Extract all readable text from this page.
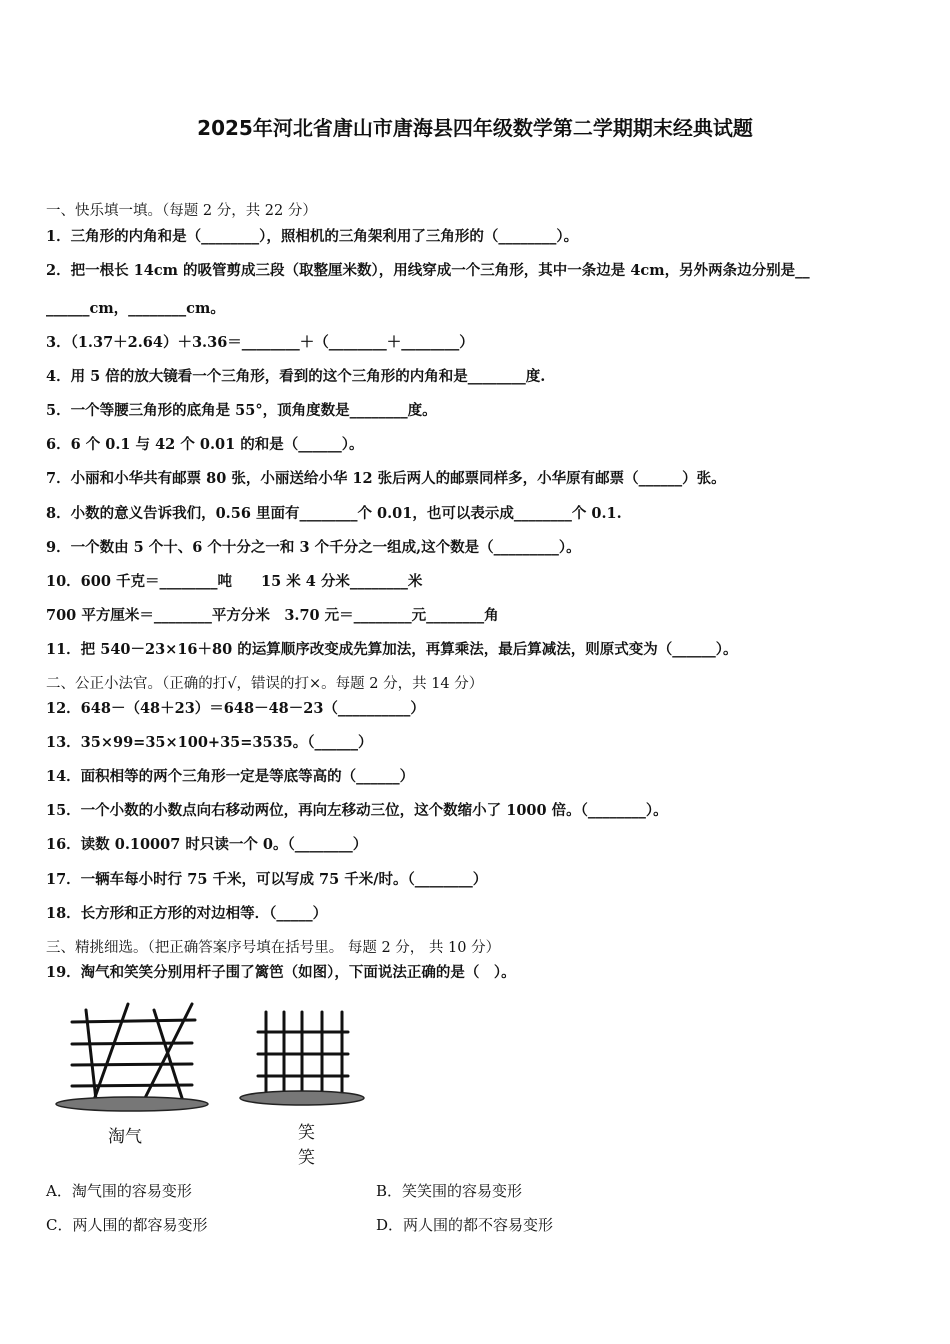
2025年河北省唐山市唐海县四年级数学第二学期期末经典试题
一、快乐填一填。（每题 2 分，共 22 分）
1．三角形的内角和是（________），照相机的三角架利用了三角形的（________）。
2．把一根长 14cm 的吸管剪成三段（取整厘米数），用线穿成一个三角形，其中一条边是 4cm，另外两条边分别是__
______cm，________cm。
3．（1.37＋2.64）＋3.36＝________＋（________＋________）
4．用 5 倍的放大镜看一个三角形，看到的这个三角形的内角和是________度.
5．一个等腰三角形的底角是 55°，顶角度数是________度。
6．6 个 0.1 与 42 个 0.01 的和是（______）。
7．小丽和小华共有邮票 80 张，小丽送给小华 12 张后两人的邮票同样多，小华原有邮票（______）张。
8．小数的意义告诉我们，0.56 里面有________个 0.01，也可以表示成________个 0.1.
9．一个数由 5 个十、6 个十分之一和 3 个千分之一组成,这个数是（_________）。
10．600 千克＝________吨　　15 米 4 分米________米
700 平方厘米＝________平方分米　3.70 元＝________元________角
11．把 540－23×16＋80 的运算顺序改变成先算加法，再算乘法，最后算减法，则原式变为（______）。
二、公正小法官。（正确的打√，错误的打×。每题 2 分，共 14 分）
12．648－（48＋23）＝648－48－23（__________）
13．35×99=35×100+35=3535。（______）
14．面积相等的两个三角形一定是等底等高的（______）
15．一个小数的小数点向右移动两位，再向左移动三位，这个数缩小了 1000 倍。（________）。
16．读数 0.10007 时只读一个 0。（________）
17．一辆车每小时行 75 千米，可以写成 75 千米/时。（________）
18．长方形和正方形的对边相等．（_____）
三、精挑细选。（把正确答案序号填在括号里。 每题 2 分， 共 10 分）
19．淘气和笑笑分别用杆子围了篱笆（如图），下面说法正确的是（　）。
淘气	笑笑
A．淘气围的容易变形	B．笑笑围的容易变形
C．两人围的都容易变形	D．两人围的都不容易变形
